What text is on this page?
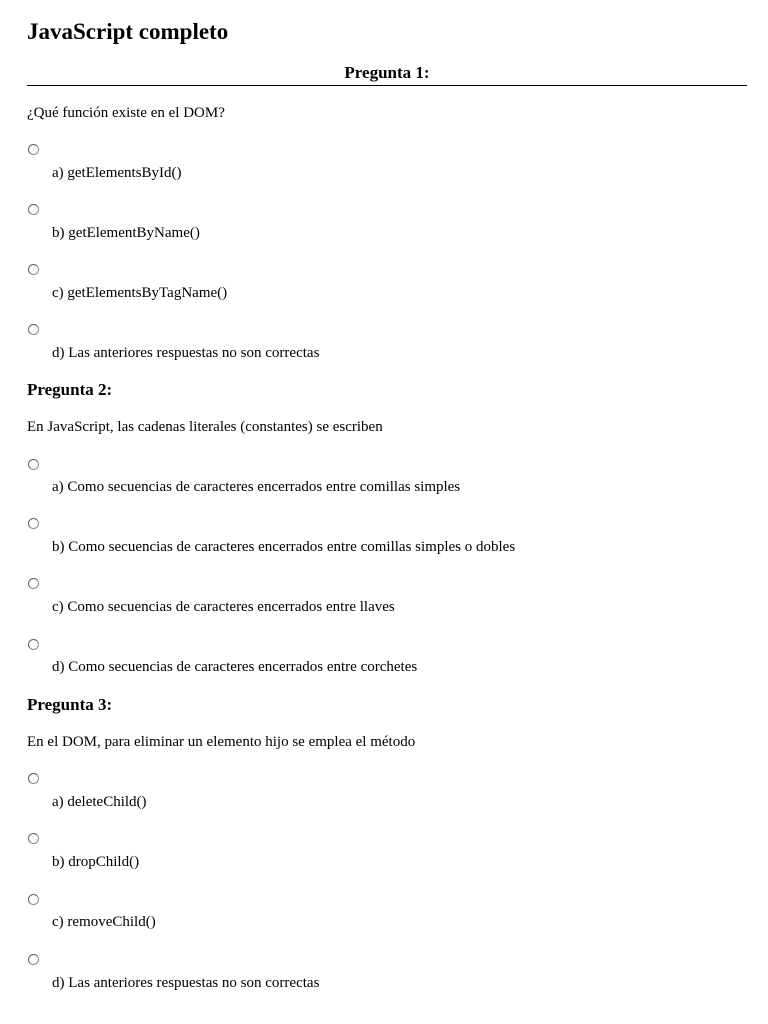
JavaScript completo
Pregunta 1:
¿Qué función existe en el DOM?
a) getElementsById()
b) getElementByName()
c) getElementsByTagName()
d) Las anteriores respuestas no son correctas
Pregunta 2:
En JavaScript, las cadenas literales (constantes) se escriben
a) Como secuencias de caracteres encerrados entre comillas simples
b) Como secuencias de caracteres encerrados entre comillas simples o dobles
c) Como secuencias de caracteres encerrados entre llaves
d) Como secuencias de caracteres encerrados entre corchetes
Pregunta 3:
En el DOM, para eliminar un elemento hijo se emplea el método
a) deleteChild()
b) dropChild()
c) removeChild()
d) Las anteriores respuestas no son correctas
